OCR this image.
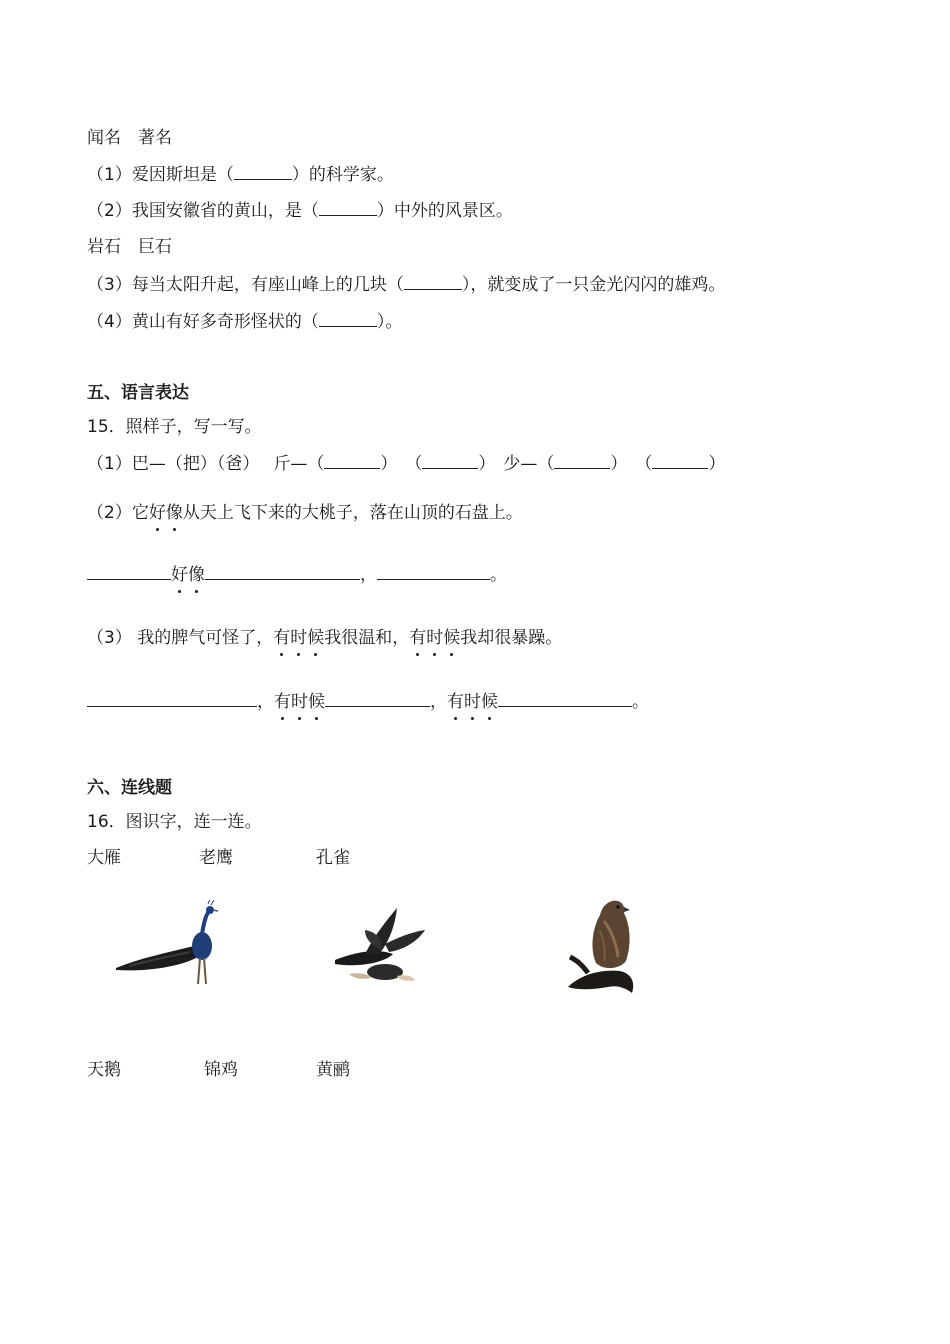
闻名 著名
（1）爱因斯坦是（	）的科学家。
（2）我国安徽省的黄山，是（	）中外的风景区。
岩石 巨石
（3）每当太阳升起，有座山峰上的几块（	），就变成了一只金光闪闪的雄鸡。
（4）黄山有好多奇形怪状的（	）。
五、语言表达
15．照样子，写一写。
（1）巴—（把）（爸） 斤—（	） （	） 少—（	） （	）
（2）它好像从天上飞下来的大桃子，落在山顶的石盘上。
好像	，	。
（3） 我的脾气可怪了，有时候我很温和，有时候我却很暴躁。
，有时候	，有时候	。
六、连线题
16．图识字，连一连。
大雁	老鹰	孔雀
天鹅	锦鸡	黄鹂
